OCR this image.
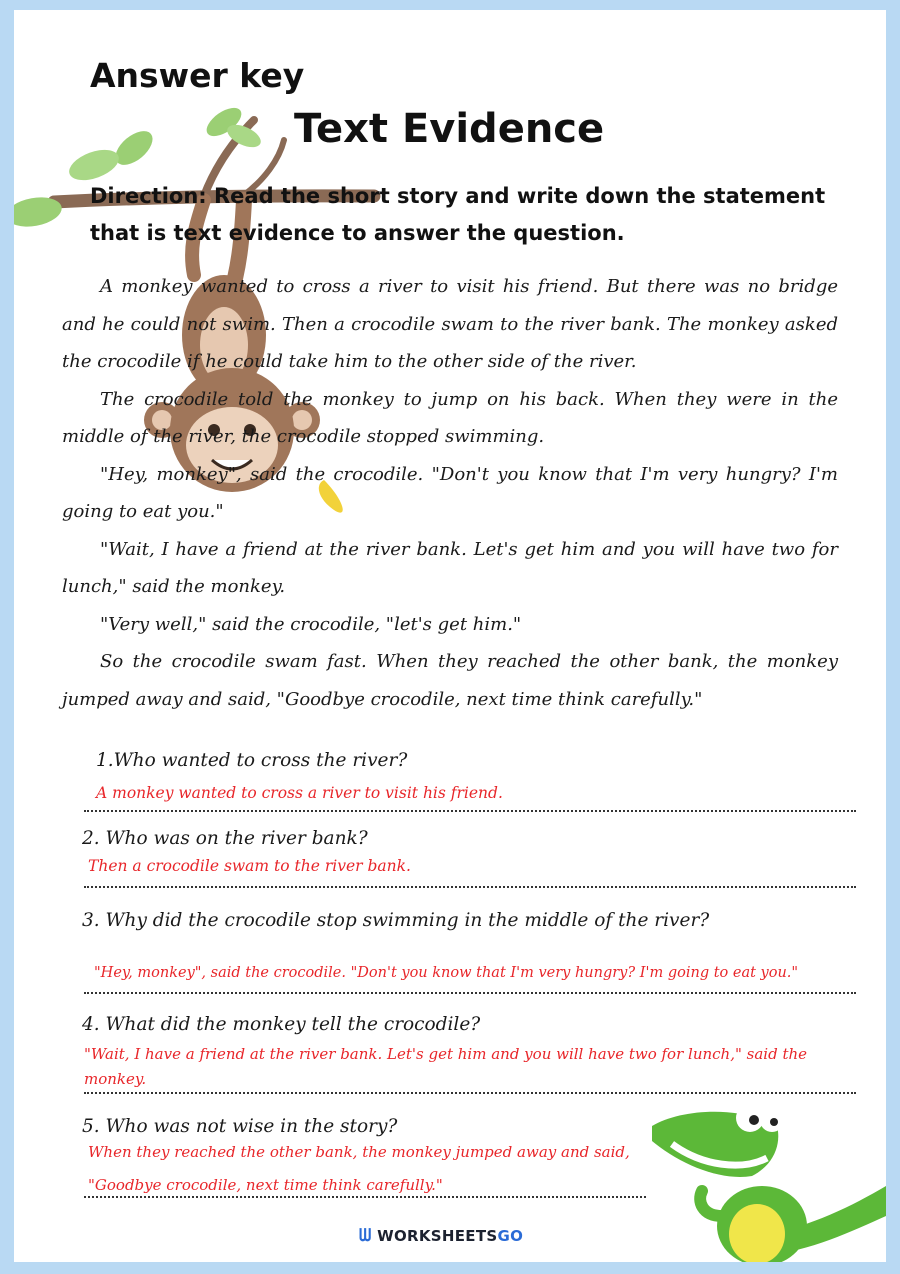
Answer key
Text Evidence
Direction: Read the short story and write down the statement that is text evidence to answer the question.

A monkey wanted to cross a river to visit his friend. But there was no bridge and he could not swim. Then a crocodile swam to the river bank. The monkey asked the crocodile if he could take him to the other side of the river.

The crocodile told the monkey to jump on his back. When they were in the middle of the river, the crocodile stopped swimming.

"Hey, monkey", said the crocodile. "Don't you know that I'm very hungry? I'm going to eat you."

"Wait, I have a friend at the river bank. Let's get him and you will have two for lunch," said the monkey.

"Very well," said the crocodile, "let's get him."

So the crocodile swam fast. When they reached the other bank, the monkey jumped away and said, "Goodbye crocodile, next time think carefully."

1.Who wanted to cross the river?
A monkey wanted to cross a river to visit his friend.
2. Who was on the river bank?
Then a crocodile swam to the river bank.
3. Why did the crocodile stop swimming in the middle of the river?
"Hey, monkey", said the crocodile. "Don't you know that I'm very hungry? I'm going to eat you."
4. What did the monkey tell the crocodile?
"Wait, I have a friend at the river bank. Let's get him and you will have two for lunch," said the
monkey.
5. Who was not wise in the story?
When they reached the other bank, the monkey jumped away and said,
"Goodbye crocodile, next time think carefully."
ᗯ WORKSHEETSGO
